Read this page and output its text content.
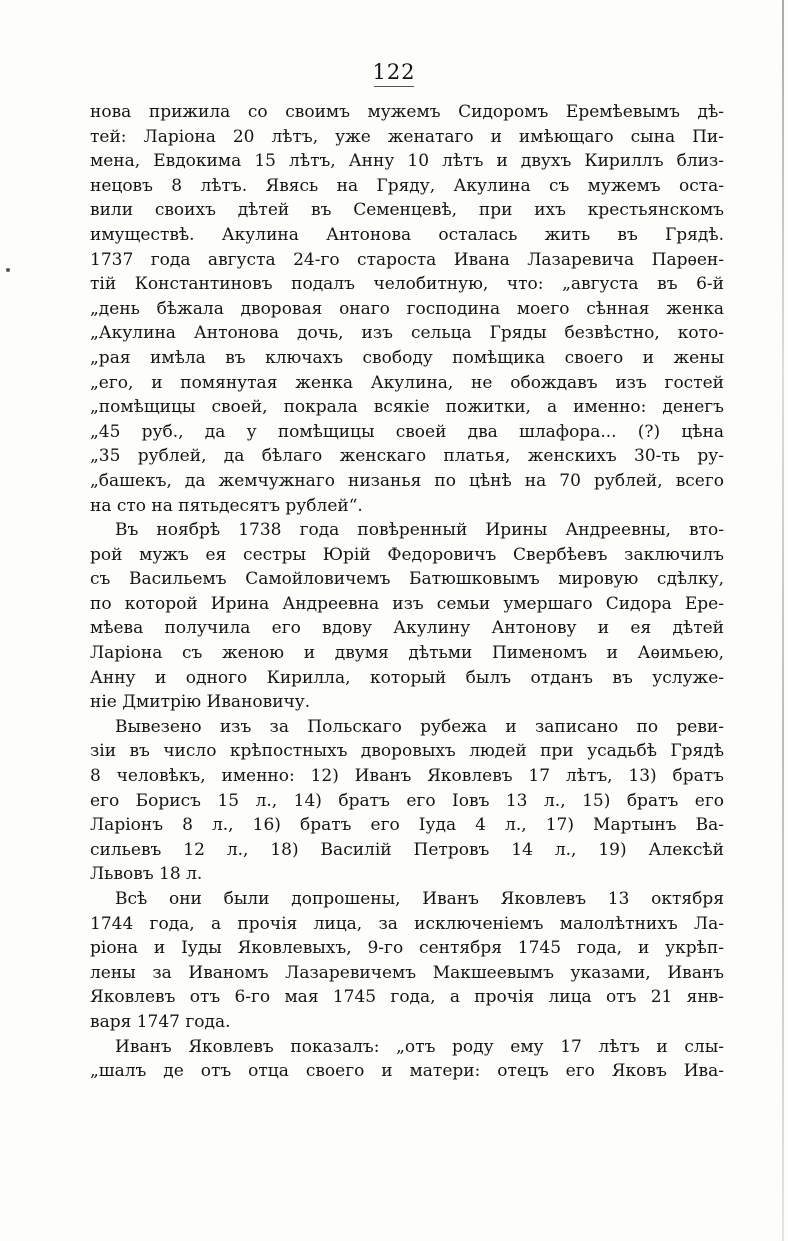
122
нова прижила со своимъ мужемъ Сидоромъ Еремѣевымъ дѣ-
тей: Ларіона 20 лѣтъ, уже женатаго и имѣющаго сына Пи-
мена, Евдокима 15 лѣтъ, Анну 10 лѣтъ и двухъ Кириллъ близ-
нецовъ 8 лѣтъ. Явясь на Гряду, Акулина съ мужемъ оста-
вили своихъ дѣтей въ Семенцевѣ, при ихъ крестьянскомъ
имуществѣ. Акулина Антонова осталась жить въ Грядѣ.
1737 года августа 24-го староста Ивана Лазаревича Парѳен-
тій Константиновъ подалъ челобитную, что: „августа въ 6-й
„день бѣжала дворовая онаго господина моего сѣнная женка
„Акулина Антонова дочь, изъ сельца Гряды безвѣстно, кото-
„рая имѣла въ ключахъ свободу помѣщика своего и жены
„его, и помянутая женка Акулина, не обождавъ изъ гостей
„помѣщицы своей, покрала всякіе пожитки, а именно: денегъ
„45 руб., да у помѣщицы своей два шлафора... (?) цѣна
„35 рублей, да бѣлаго женскаго платья, женскихъ 30-ть ру-
„башекъ, да жемчужнаго низанья по цѣнѣ на 70 рублей, всего
на сто на пятьдесятъ рублей“.
Въ ноябрѣ 1738 года повѣренный Ирины Андреевны, вто-
рой мужъ ея сестры Юрій Федоровичъ Свербѣевъ заключилъ
съ Васильемъ Самойловичемъ Батюшковымъ мировую сдѣлку,
по которой Ирина Андреевна изъ семьи умершаго Сидора Ере-
мѣева получила его вдову Акулину Антонову и ея дѣтей
Ларіона съ женою и двумя дѣтьми Пименомъ и Аѳимьею,
Анну и одного Кирилла, который былъ отданъ въ услуже-
ніе Дмитрію Ивановичу.
Вывезено изъ за Польскаго рубежа и записано по реви-
зіи въ число крѣпостныхъ дворовыхъ людей при усадьбѣ Грядѣ
8 человѣкъ, именно: 12) Иванъ Яковлевъ 17 лѣтъ, 13) братъ
его Борисъ 15 л., 14) братъ его Іовъ 13 л., 15) братъ его
Ларіонъ 8 л., 16) братъ его Іуда 4 л., 17) Мартынъ Ва-
сильевъ 12 л., 18) Василій Петровъ 14 л., 19) Алексѣй
Львовъ 18 л.
Всѣ они были допрошены, Иванъ Яковлевъ 13 октября
1744 года, а прочія лица, за исключеніемъ малолѣтнихъ Ла-
ріона и Іуды Яковлевыхъ, 9-го сентября 1745 года, и укрѣп-
лены за Иваномъ Лазаревичемъ Макшеевымъ указами, Иванъ
Яковлевъ отъ 6-го мая 1745 года, а прочія лица отъ 21 янв-
варя 1747 года.
Иванъ Яковлевъ показалъ: „отъ роду ему 17 лѣтъ и слы-
„шалъ де отъ отца своего и матери: отецъ его Яковъ Ива-
